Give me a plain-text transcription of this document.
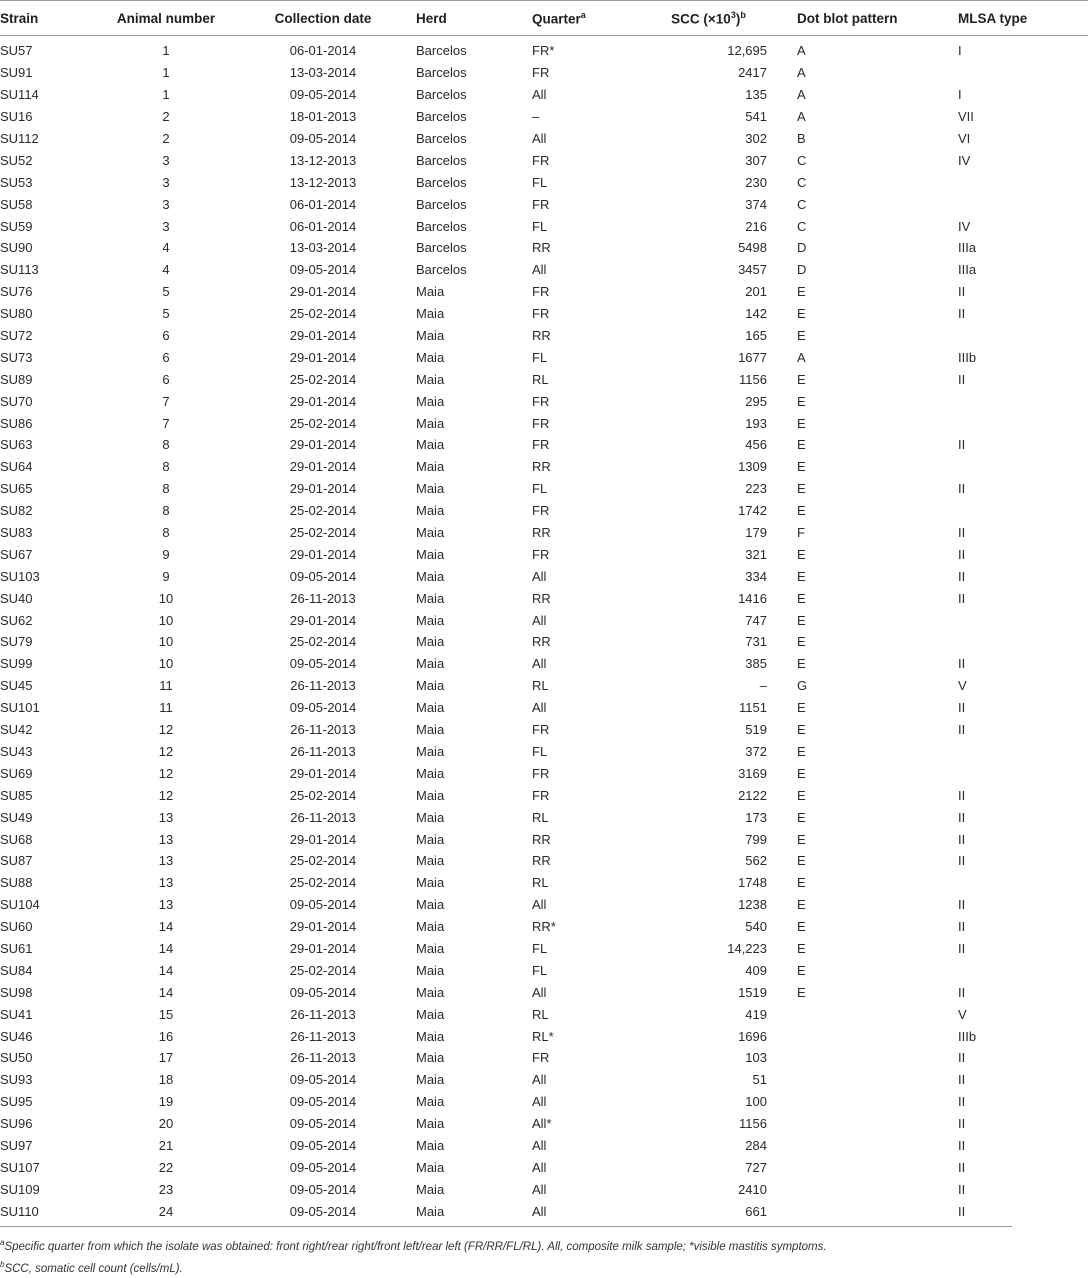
Strain	Animal number	Collection date	Herd	Quarter$^a$	SCC $(\times 10^3)^b$	Dot blot pattern	MLSA type
SU57	1	06-01-2014	Barcelos	FR*	12,695	A	I
SU91	1	13-03-2014	Barcelos	FR	2417	A	
SU114	1	09-05-2014	Barcelos	All	135	A	I
SU16	2	18-01-2013	Barcelos	–	541	A	VII
SU112	2	09-05-2014	Barcelos	All	302	B	VI
SU52	3	13-12-2013	Barcelos	FR	307	C	IV
SU53	3	13-12-2013	Barcelos	FL	230	C	
SU58	3	06-01-2014	Barcelos	FR	374	C	
SU59	3	06-01-2014	Barcelos	FL	216	C	IV
SU90	4	13-03-2014	Barcelos	RR	5498	D	IIIa
SU113	4	09-05-2014	Barcelos	All	3457	D	IIIa
SU76	5	29-01-2014	Maia	FR	201	E	II
SU80	5	25-02-2014	Maia	FR	142	E	II
SU72	6	29-01-2014	Maia	RR	165	E	
SU73	6	29-01-2014	Maia	FL	1677	A	IIIb
SU89	6	25-02-2014	Maia	RL	1156	E	II
SU70	7	29-01-2014	Maia	FR	295	E	
SU86	7	25-02-2014	Maia	FR	193	E	
SU63	8	29-01-2014	Maia	FR	456	E	II
SU64	8	29-01-2014	Maia	RR	1309	E	
SU65	8	29-01-2014	Maia	FL	223	E	II
SU82	8	25-02-2014	Maia	FR	1742	E	
SU83	8	25-02-2014	Maia	RR	179	F	II
SU67	9	29-01-2014	Maia	FR	321	E	II
SU103	9	09-05-2014	Maia	All	334	E	II
SU40	10	26-11-2013	Maia	RR	1416	E	II
SU62	10	29-01-2014	Maia	All	747	E	
SU79	10	25-02-2014	Maia	RR	731	E	
SU99	10	09-05-2014	Maia	All	385	E	II
SU45	11	26-11-2013	Maia	RL	–	G	V
SU101	11	09-05-2014	Maia	All	1151	E	II
SU42	12	26-11-2013	Maia	FR	519	E	II
SU43	12	26-11-2013	Maia	FL	372	E	
SU69	12	29-01-2014	Maia	FR	3169	E	
SU85	12	25-02-2014	Maia	FR	2122	E	II
SU49	13	26-11-2013	Maia	RL	173	E	II
SU68	13	29-01-2014	Maia	RR	799	E	II
SU87	13	25-02-2014	Maia	RR	562	E	II
SU88	13	25-02-2014	Maia	RL	1748	E	
SU104	13	09-05-2014	Maia	All	1238	E	II
SU60	14	29-01-2014	Maia	RR*	540	E	II
SU61	14	29-01-2014	Maia	FL	14,223	E	II
SU84	14	25-02-2014	Maia	FL	409	E	
SU98	14	09-05-2014	Maia	All	1519	E	II
SU41	15	26-11-2013	Maia	RL	419		V
SU46	16	26-11-2013	Maia	RL*	1696		IIIb
SU50	17	26-11-2013	Maia	FR	103		II
SU93	18	09-05-2014	Maia	All	51		II
SU95	19	09-05-2014	Maia	All	100		II
SU96	20	09-05-2014	Maia	All*	1156		II
SU97	21	09-05-2014	Maia	All	284		II
SU107	22	09-05-2014	Maia	All	727		II
SU109	23	09-05-2014	Maia	All	2410		II
SU110	24	09-05-2014	Maia	All	661		II
$^a$Specific quarter from which the isolate was obtained: front right/rear right/front left/rear left (FR/RR/FL/RL). All, composite milk sample; *visible mastitis symptoms.
$^b$SCC, somatic cell count (cells/mL).
